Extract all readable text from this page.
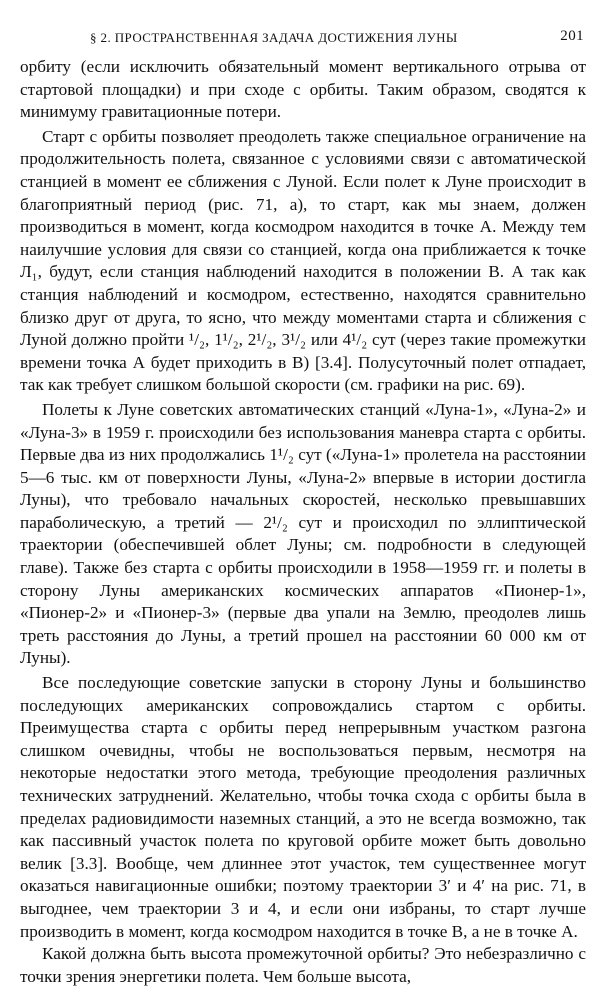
§ 2. ПРОСТРАНСТВЕННАЯ ЗАДАЧА ДОСТИЖЕНИЯ ЛУНЫ	201

орбиту (если исключить обязательный момент вертикального отрыва от стартовой площадки) и при сходе с орбиты. Таким образом, сводятся к минимуму гравитационные потери.

Старт с орбиты позволяет преодолеть также специальное ограничение на продолжительность полета, связанное с условиями связи с автоматической станцией в момент ее сближения с Луной. Если полет к Луне происходит в благоприятный период (рис. 71, а), то старт, как мы знаем, должен производиться в момент, когда космодром находится в точке А. Между тем наилучшие условия для связи со станцией, когда она приближается к точке Л₁, будут, если станция наблюдений находится в положении В. А так как станция наблюдений и космодром, естественно, находятся сравнительно близко друг от друга, то ясно, что между моментами старта и сближения с Луной должно пройти ¹/₂, 1¹/₂, 2¹/₂, 3¹/₂ или 4¹/₂ сут (через такие промежутки времени точка А будет приходить в В) [3.4]. Полусуточный полет отпадает, так как требует слишком большой скорости (см. графики на рис. 69).

Полеты к Луне советских автоматических станций «Луна-1», «Луна-2» и «Луна-3» в 1959 г. происходили без использования маневра старта с орбиты. Первые два из них продолжались 1¹/₂ сут («Луна-1» пролетела на расстоянии 5—6 тыс. км от поверхности Луны, «Луна-2» впервые в истории достигла Луны), что требовало начальных скоростей, несколько превышавших параболическую, а третий — 2¹/₂ сут и происходил по эллиптической траектории (обеспечившей облет Луны; см. подробности в следующей главе). Также без старта с орбиты происходили в 1958—1959 гг. и полеты в сторону Луны американских космических аппаратов «Пионер-1», «Пионер-2» и «Пионер-3» (первые два упали на Землю, преодолев лишь треть расстояния до Луны, а третий прошел на расстоянии 60 000 км от Луны).

Все последующие советские запуски в сторону Луны и большинство последующих американских сопровождались стартом с орбиты. Преимущества старта с орбиты перед непрерывным участком разгона слишком очевидны, чтобы не воспользоваться первым, несмотря на некоторые недостатки этого метода, требующие преодоления различных технических затруднений. Желательно, чтобы точка схода с орбиты была в пределах радиовидимости наземных станций, а это не всегда возможно, так как пассивный участок полета по круговой орбите может быть довольно велик [3.3]. Вообще, чем длиннее этот участок, тем существеннее могут оказаться навигационные ошибки; поэтому траектории 3′ и 4′ на рис. 71, в выгоднее, чем траектории 3 и 4, и если они избраны, то старт лучше производить в момент, когда космодром находится в точке В, а не в точке А.

Какой должна быть высота промежуточной орбиты? Это небезразлично с точки зрения энергетики полета. Чем больше высота,
